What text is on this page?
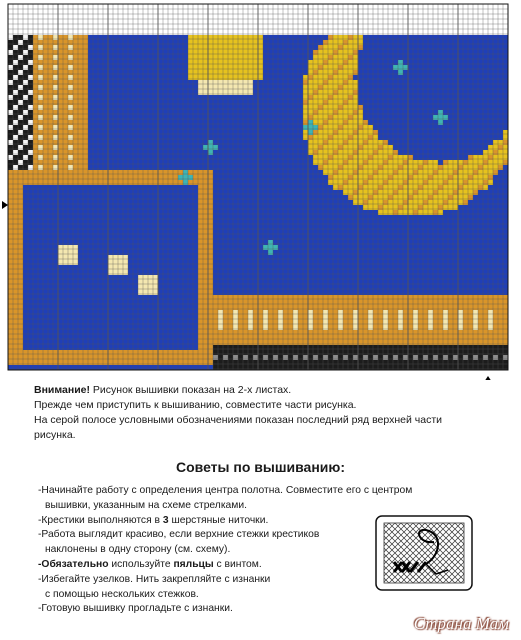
Внимание! Рисунок вышивки показан на 2-х листах.
Прежде чем приступить к вышиванию, совместите части рисунка.
На серой полосе условными обозначениями показан последний ряд верхней части
рисунка.
Советы по вышиванию:
-Начинайте работу с определения центра полотна. Совместите его с центром
вышивки, указанным на схеме стрелками.
-Крестики выполняются в 3 шерстяные ниточки.
-Работа выглядит красиво, если верхние стежки крестиков
наклонены в одну сторону (см. схему).
-Обязательно используйте пяльцы с винтом.
-Избегайте узелков. Нить закрепляйте с изнанки
с помощью нескольких стежков.
-Готовую вышивку прогладьте с изнанки.
Страна Мам
